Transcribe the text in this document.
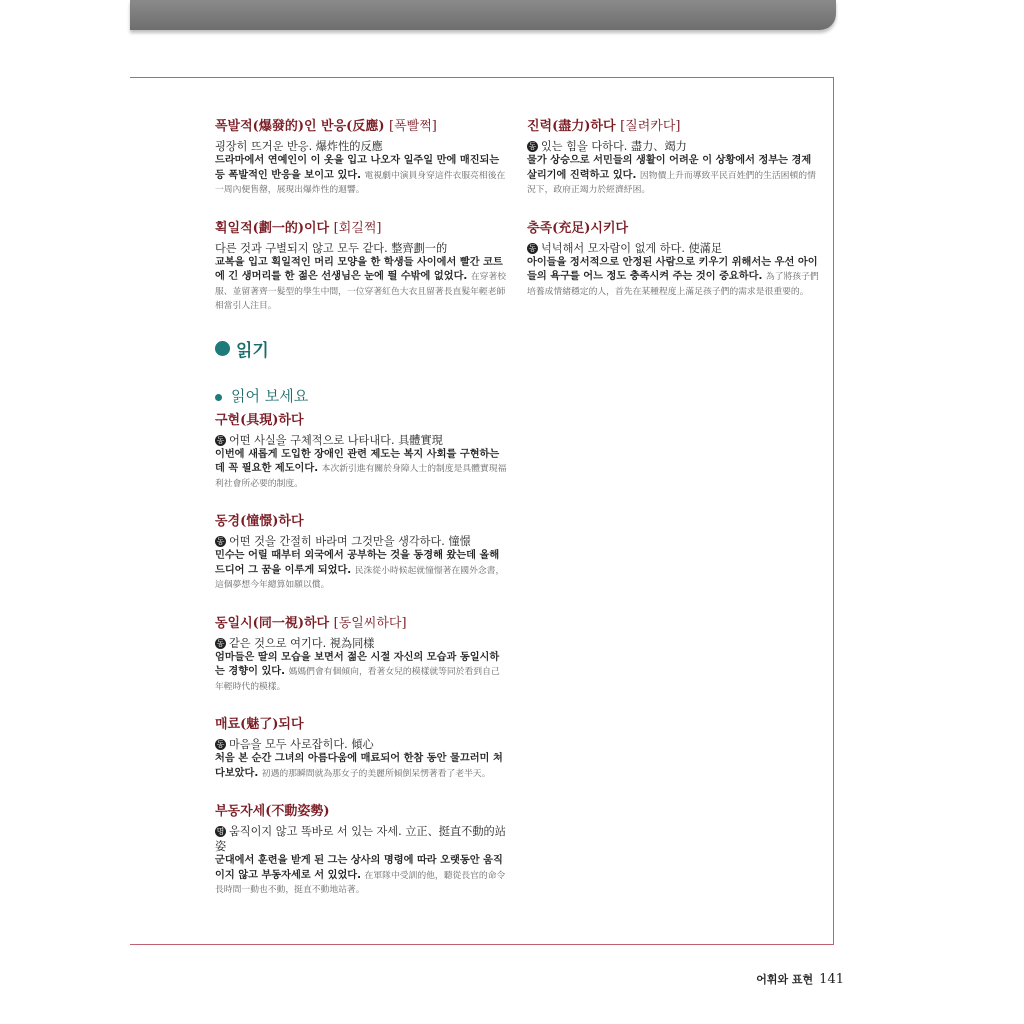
폭발적(爆發的)인 반응(反應) [폭빨쩍]
굉장히 뜨거운 반응. 爆炸性的反應
드라마에서 연예인이 이 옷을 입고 나오자 일주일 만에 매진되는 등 폭발적인 반응을 보이고 있다. 電視劇中演員身穿這件衣服亮相後在一周內便售罄，展現出爆炸性的迴響。
획일적(劃一的)이다 [회길쩍]
다른 것과 구별되지 않고 모두 같다. 整齊劃一的
교복을 입고 획일적인 머리 모양을 한 학생들 사이에서 빨간 코트에 긴 생머리를 한 젊은 선생님은 눈에 띌 수밖에 없었다. 在穿著校服、並留著齊一髮型的學生中間，一位穿著紅色大衣且留著長直髮年輕老師相當引人注目。
읽기
읽어 보세요
구현(具現)하다
동 어떤 사실을 구체적으로 나타내다. 具體實現
이번에 새롭게 도입한 장애인 관련 제도는 복지 사회를 구현하는 데 꼭 필요한 제도이다. 本次新引進有關於身障人士的制度是具體實現福利社會所必要的制度。
동경(憧憬)하다
동 어떤 것을 간절히 바라며 그것만을 생각하다. 憧憬
민수는 어릴 때부터 외국에서 공부하는 것을 동경해 왔는데 올해 드디어 그 꿈을 이루게 되었다. 民洙從小時候起就憧憬著在國外念書，這個夢想今年總算如願以償。
동일시(同一視)하다 [동일씨하다]
동 같은 것으로 여기다. 視為同樣
엄마들은 딸의 모습을 보면서 젊은 시절 자신의 모습과 동일시하는 경향이 있다. 媽媽們會有個傾向，看著女兒的模樣就等同於看到自己年輕時代的模樣。
매료(魅了)되다
동 마음을 모두 사로잡히다. 傾心
처음 본 순간 그녀의 아름다움에 매료되어 한참 동안 물끄러미 쳐다보았다. 初遇的那瞬間就為那女子的美麗所傾倒呆愣著看了老半天。
부동자세(不動姿勢)
명 움직이지 않고 똑바로 서 있는 자세. 立正、挺直不動的站姿
군대에서 훈련을 받게 된 그는 상사의 명령에 따라 오랫동안 움직이지 않고 부동자세로 서 있었다. 在軍隊中受訓的他，聽從長官的命令長時間一動也不動，挺直不動地站著。
진력(盡力)하다 [질려카다]
동 있는 힘을 다하다. 盡力、竭力
물가 상승으로 서민들의 생활이 어려운 이 상황에서 정부는 경제 살리기에 진력하고 있다. 因物價上升而導致平民百姓們的生活困頓的情況下，政府正竭力於經濟紓困。
충족(充足)시키다
동 넉넉해서 모자람이 없게 하다. 使滿足
아이들을 정서적으로 안정된 사람으로 키우기 위해서는 우선 아이들의 욕구를 어느 정도 충족시켜 주는 것이 중요하다. 為了將孩子們培養成情緒穩定的人，首先在某種程度上滿足孩子們的需求是很重要的。
어휘와 표현 141
